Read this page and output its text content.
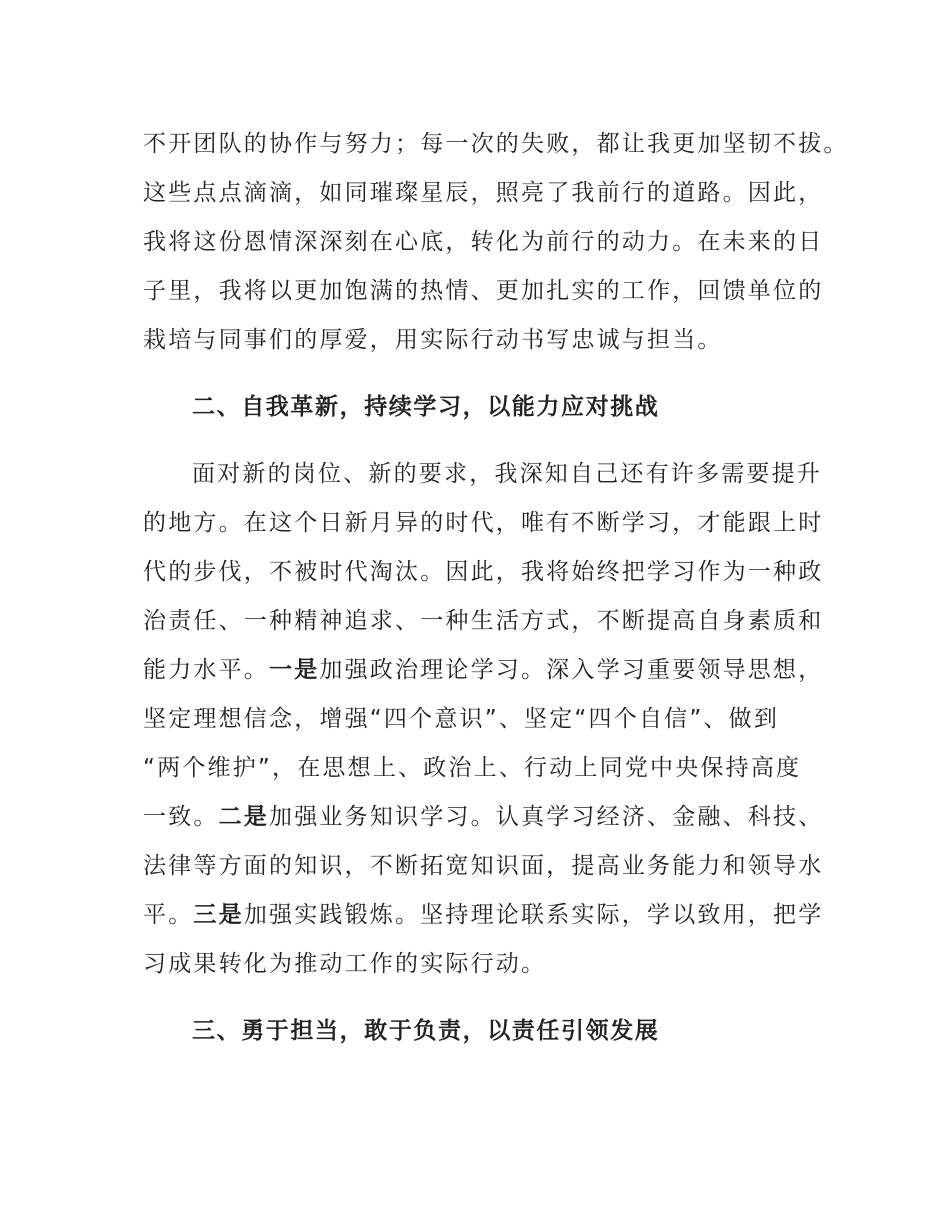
不开团队的协作与努力；每一次的失败，都让我更加坚韧不拔。
这些点点滴滴，如同璀璨星辰，照亮了我前行的道路。因此，
我将这份恩情深深刻在心底，转化为前行的动力。在未来的日
子里，我将以更加饱满的热情、更加扎实的工作，回馈单位的
栽培与同事们的厚爱，用实际行动书写忠诚与担当。
二、自我革新，持续学习，以能力应对挑战
面对新的岗位、新的要求，我深知自己还有许多需要提升
的地方。在这个日新月异的时代，唯有不断学习，才能跟上时
代的步伐，不被时代淘汰。因此，我将始终把学习作为一种政
治责任、一种精神追求、一种生活方式，不断提高自身素质和
能力水平。一是加强政治理论学习。深入学习重要领导思想，
坚定理想信念，增强“四个意识”、坚定“四个自信”、做到
“两个维护”，在思想上、政治上、行动上同党中央保持高度
一致。二是加强业务知识学习。认真学习经济、金融、科技、
法律等方面的知识，不断拓宽知识面，提高业务能力和领导水
平。三是加强实践锻炼。坚持理论联系实际，学以致用，把学
习成果转化为推动工作的实际行动。
三、勇于担当，敢于负责，以责任引领发展
